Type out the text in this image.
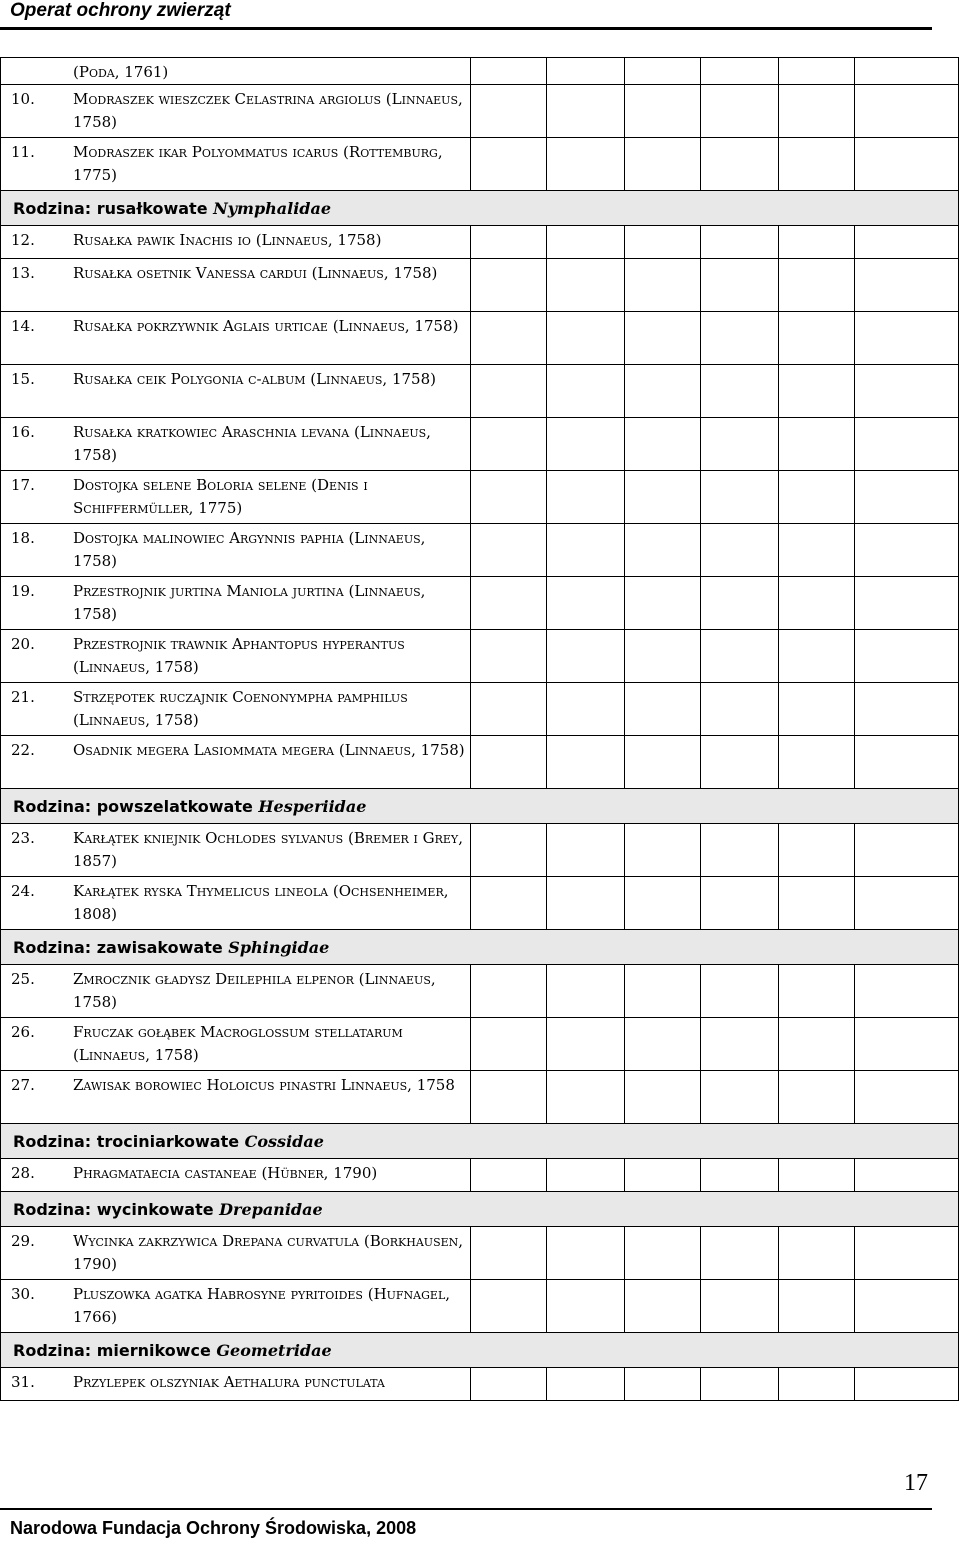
Operat ochrony zwierząt
(Poda, 1761)						

10. Modraszek wieszczek Celastrina argiolus (Linnaeus, 1758)						

11. Modraszek ikar Polyommatus icarus (Rottemburg, 1775)						

Rodzina: rusałkowate Nymphalidae						

12. Rusałka pawik Inachis io (Linnaeus, 1758)						

13. Rusałka osetnik Vanessa cardui (Linnaeus, 1758)						

14. Rusałka pokrzywnik Aglais urticae (Linnaeus, 1758)						

15. Rusałka ceik Polygonia c-album (Linnaeus, 1758)						

16. Rusałka kratkowiec Araschnia levana (Linnaeus, 1758)						

17. Dostojka selene Boloria selene (Denis i Schiffermüller, 1775)						

18. Dostojka malinowiec Argynnis paphia (Linnaeus, 1758)						

19. Przestrojnik jurtina Maniola jurtina (Linnaeus, 1758)						

20. Przestrojnik trawnik Aphantopus hyperantus (Linnaeus, 1758)						

21. Strzępotek ruczajnik Coenonympha pamphilus (Linnaeus, 1758)						

22. Osadnik megera Lasiommata megera (Linnaeus, 1758)						

Rodzina: powszelatkowate Hesperiidae						

23. Karłątek kniejnik Ochlodes sylvanus (Bremer i Grey, 1857)						

24. Karłątek ryska Thymelicus lineola (Ochsenheimer, 1808)						

Rodzina: zawisakowate Sphingidae						

25. Zmrocznik gładysz Deilephila elpenor (Linnaeus, 1758)						

26. Fruczak gołąbek Macroglossum stellatarum (Linnaeus, 1758)						

27. Zawisak borowiec Holoicus pinastri Linnaeus, 1758						

Rodzina: trociniarkowate Cossidae						

28. Phragmataecia castaneae (Hübner, 1790)						

Rodzina: wycinkowate Drepanidae						

29. Wycinka zakrzywica Drepana curvatula (Borkhausen, 1790)						

30. Pluszowka agatka Habrosyne pyritoides (Hufnagel, 1766)						

Rodzina: miernikowce Geometridae						

31. Przylepek olszyniak Aethalura punctulata						

17
Narodowa Fundacja Ochrony Środowiska, 2008
